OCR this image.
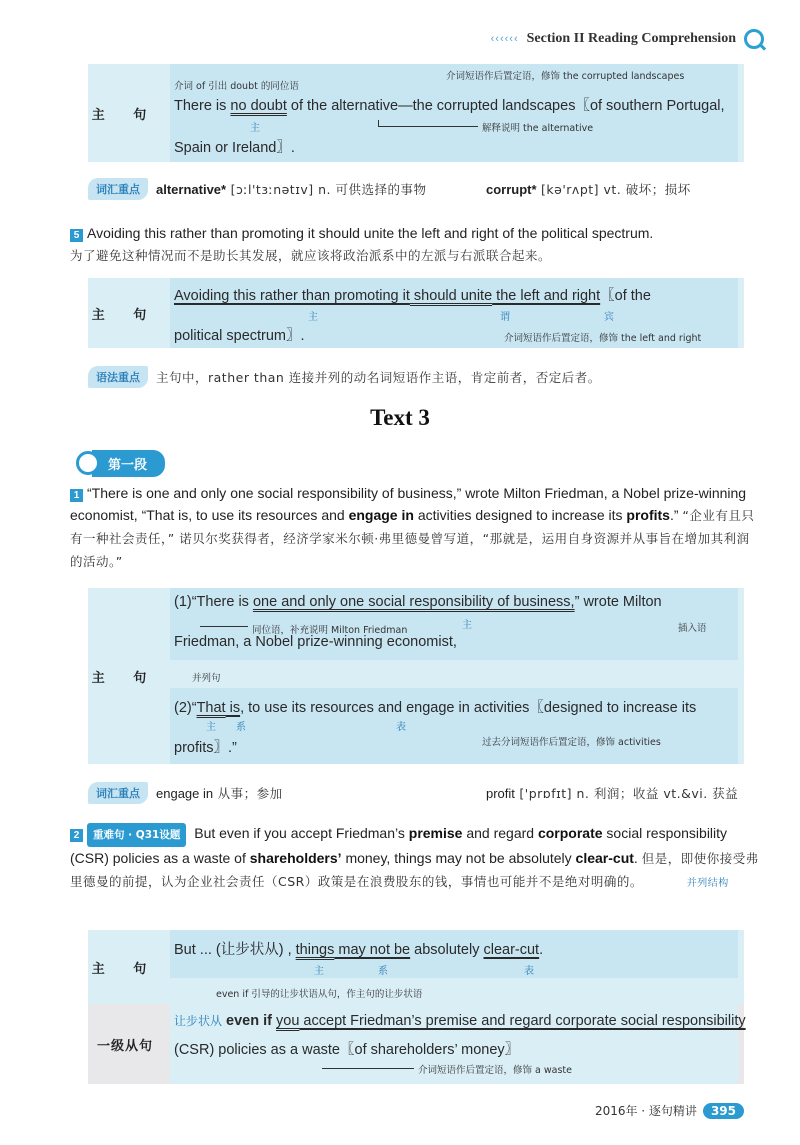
‹‹‹‹‹‹ Section II Reading Comprehension
主 句
介词 of 引出 doubt 的同位语
介词短语作后置定语，修饰 the corrupted landscapes
There is no doubt of the alternative—the corrupted landscapes〖of southern Portugal,
主	解释说明 the alternative
Spain or Ireland〗.
词汇重点	alternative* [ɔːl'tɜːnətɪv] n. 可供选择的事物	corrupt* [kə'rʌpt] vt. 破坏；损坏
5 Avoiding this rather than promoting it should unite the left and right of the political spectrum.
为了避免这种情况而不是助长其发展，就应该将政治派系中的左派与右派联合起来。
主 句
Avoiding this rather than promoting it should unite the left and right〖of the
主	谓	宾
political spectrum〗.	介词短语作后置定语，修饰 the left and right
语法重点	主句中，rather than 连接并列的动名词短语作主语，肯定前者，否定后者。
Text 3
第一段
1 “There is one and only one social responsibility of business,” wrote Milton Friedman, a Nobel prize-winning economist, “That is, to use its resources and engage in activities designed to increase its profits.” “企业有且只有一种社会责任，” 诺贝尔奖获得者，经济学家米尔顿·弗里德曼曾写道，“那就是，运用自身资源并从事旨在增加其利润的活动。”
主 句
(1)“There is one and only one social responsibility of business,” wrote Milton
同位语，补充说明 Milton Friedman	主	插入语
Friedman, a Nobel prize-winning economist,
并列句
(2)“That is, to use its resources and engage in activities〖designed to increase its
主 系	表
profits〗.”	过去分词短语作后置定语，修饰 activities
词汇重点	engage in 从事；参加	profit ['prɒfɪt] n. 利润；收益 vt.&vi. 获益
2 重难句 · Q31设题 But even if you accept Friedman’s premise and regard corporate social responsibility (CSR) policies as a waste of shareholders’ money, things may not be absolutely clear-cut. 但是，即使你接受弗里德曼的前提，认为企业社会责任（CSR）政策是在浪费股东的钱，事情也可能并不是绝对明确的。	并列结构
主 句
But ... (让步状从) , things may not be absolutely clear-cut.
主	系	表
even if 引导的让步状语从句，作主句的让步状语
一级从句
让步状从 even if you accept Friedman’s premise and regard corporate social responsibility
(CSR) policies as a waste〖of shareholders’ money〗
介词短语作后置定语，修饰 a waste
2016年 · 逐句精讲	395
